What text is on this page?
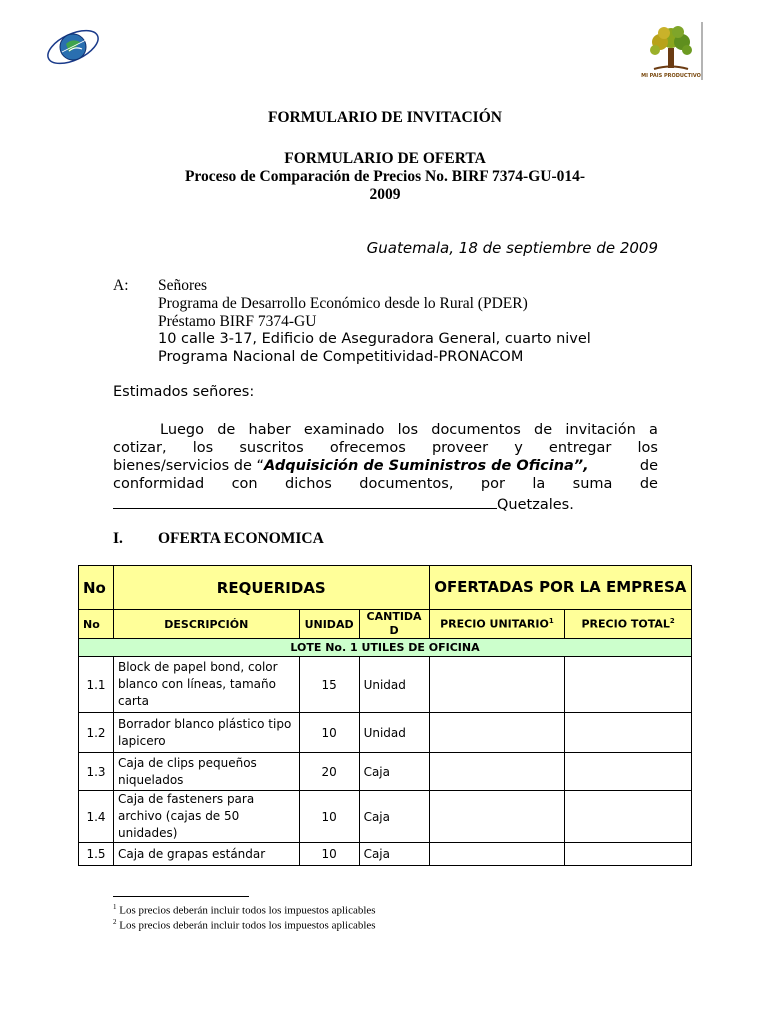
MI PAIS PRODUCTIVO
FORMULARIO DE INVITACIÓN
FORMULARIO DE OFERTA
Proceso de Comparación de Precios No. BIRF 7374-GU-014-
2009
Guatemala, 18 de septiembre de 2009
A: Señores
Programa de Desarrollo Económico desde lo Rural (PDER)
Préstamo BIRF 7374-GU
10 calle 3-17, Edificio de Aseguradora General, cuarto nivel
Programa Nacional de Competitividad-PRONACOM
Estimados señores:
Luego de haber examinado los documentos de invitación a
cotizar, los suscritos ofrecemos proveer y entregar los
bienes/servicios de “Adquisición de Suministros de Oficina”,	de
conformidad con dichos documentos, por la suma de
Quetzales.
I. OFERTA ECONOMICA
No	REQUERIDAS			OFERTADAS POR LA EMPRESA	
No	DESCRIPCIÓN	UNIDAD	CANTIDA D	PRECIO UNITARIO$^1$	PRECIO TOTAL$^2$
LOTE No. 1 UTILES DE OFICINA					
1.1	Block de papel bond, color blanco con líneas, tamaño carta	15	Unidad		
1.2	Borrador blanco plástico tipo lapicero	10	Unidad		
1.3	Caja de clips pequeños niquelados	20	Caja		
1.4	Caja de fasteners para archivo (cajas de 50 unidades)	10	Caja		
1.5	Caja de grapas estándar	10	Caja		
$^1$ Los precios deberán incluir todos los impuestos aplicables
$^2$ Los precios deberán incluir todos los impuestos aplicables
